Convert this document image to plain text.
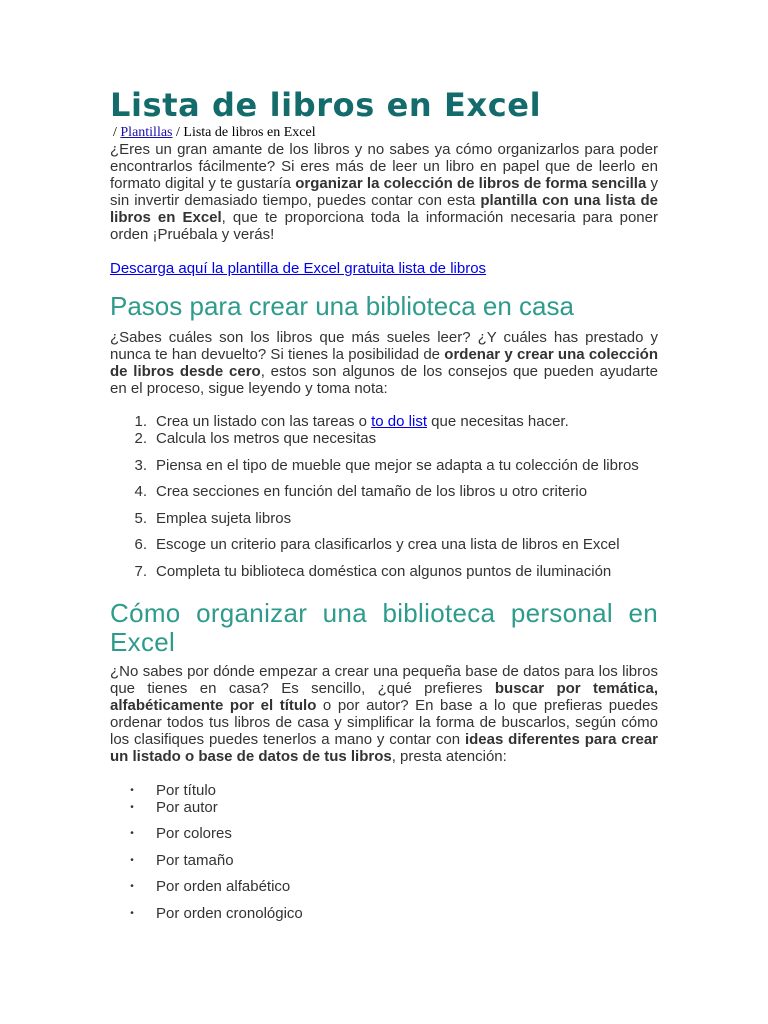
Lista de libros en Excel
/ Plantillas / Lista de libros en Excel

¿Eres un gran amante de los libros y no sabes ya cómo organizarlos para poder encontrarlos fácilmente? Si eres más de leer un libro en papel que de leerlo en formato digital y te gustaría organizar la colección de libros de forma sencilla y sin invertir demasiado tiempo, puedes contar con esta plantilla con una lista de libros en Excel, que te proporciona toda la información necesaria para poner orden ¡Pruébala y verás!

Descarga aquí la plantilla de Excel gratuita lista de libros

Pasos para crear una biblioteca en casa

¿Sabes cuáles son los libros que más sueles leer? ¿Y cuáles has prestado y nunca te han devuelto? Si tienes la posibilidad de ordenar y crear una colección de libros desde cero, estos son algunos de los consejos que pueden ayudarte en el proceso, sigue leyendo y toma nota:

1. Crea un listado con las tareas o to do list que necesitas hacer.
2. Calcula los metros que necesitas
3. Piensa en el tipo de mueble que mejor se adapta a tu colección de libros
4. Crea secciones en función del tamaño de los libros u otro criterio
5. Emplea sujeta libros
6. Escoge un criterio para clasificarlos y crea una lista de libros en Excel
7. Completa tu biblioteca doméstica con algunos puntos de iluminación
Cómo organizar una biblioteca personal en Excel

¿No sabes por dónde empezar a crear una pequeña base de datos para los libros que tienes en casa? Es sencillo, ¿qué prefieres buscar por temática, alfabéticamente por el título o por autor? En base a lo que prefieras puedes ordenar todos tus libros de casa y simplificar la forma de buscarlos, según cómo los clasifiques puedes tenerlos a mano y contar con ideas diferentes para crear un listado o base de datos de tus libros, presta atención:

• Por título
• Por autor
• Por colores
• Por tamaño
• Por orden alfabético
• Por orden cronológico
